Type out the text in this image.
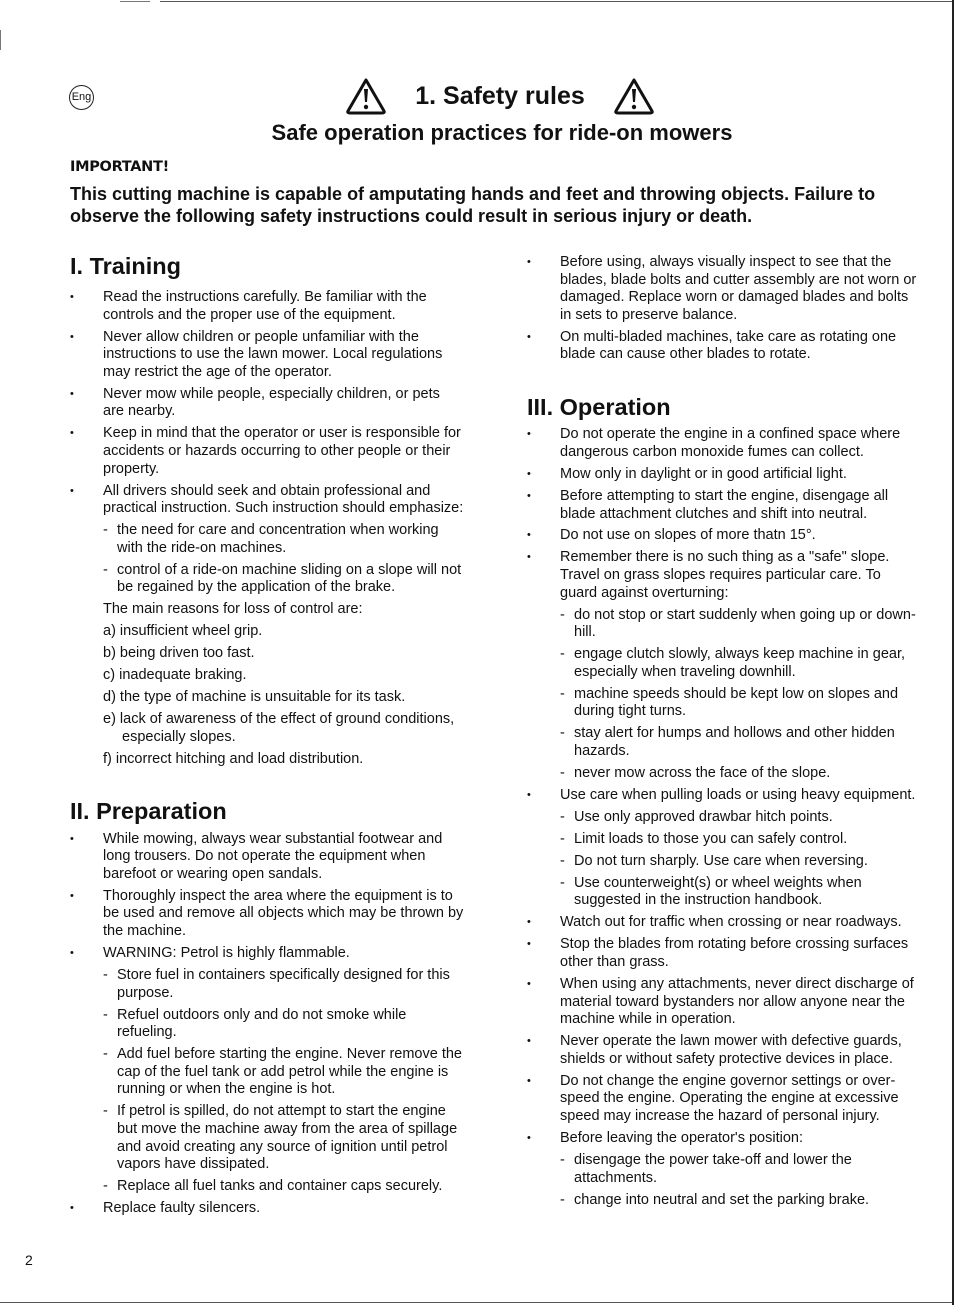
Eng	1. Safety rules
Safe operation practices for ride-on mowers
IMPORTANT!
This cutting machine is capable of amputating hands and feet and throwing objects. Failure to
observe the following safety instructions could result in serious injury or death.
I. Training
• Read the instructions carefully. Be familiar with the
controls and the proper use of the equipment.
• Never allow children or people unfamiliar with the
instructions to use the lawn mower. Local regulations
may restrict the age of the operator.
• Never mow while people, especially children, or pets
are nearby.
• Keep in mind that the operator or user is responsible for
accidents or hazards occurring to other people or their
property.
• All drivers should seek and obtain professional and
practical instruction. Such instruction should emphasize:
- the need for care and concentration when working
with the ride-on machines.
- control of a ride-on machine sliding on a slope will not
be regained by the application of the brake.
The main reasons for loss of control are:
a) insufficient wheel grip.
b) being driven too fast.
c) inadequate braking.
d) the type of machine is unsuitable for its task.
e) lack of awareness of the effect of ground conditions,
especially slopes.
f) incorrect hitching and load distribution.
II. Preparation
• While mowing, always wear substantial footwear and
long trousers. Do not operate the equipment when
barefoot or wearing open sandals.
• Thoroughly inspect the area where the equipment is to
be used and remove all objects which may be thrown by
the machine.
• WARNING: Petrol is highly flammable.
- Store fuel in containers specifically designed for this
purpose.
- Refuel outdoors only and do not smoke while
refueling.
- Add fuel before starting the engine. Never remove the
cap of the fuel tank or add petrol while the engine is
running or when the engine is hot.
- If petrol is spilled, do not attempt to start the engine
but move the machine away from the area of spillage
and avoid creating any source of ignition until petrol
vapors have dissipated.
- Replace all fuel tanks and container caps securely.
• Replace faulty silencers.
• Before using, always visually inspect to see that the
blades, blade bolts and cutter assembly are not worn or
damaged. Replace worn or damaged blades and bolts
in sets to preserve balance.
• On multi-bladed machines, take care as rotating one
blade can cause other blades to rotate.
III. Operation
• Do not operate the engine in a confined space where
dangerous carbon monoxide fumes can collect.
• Mow only in daylight or in good artificial light.
• Before attempting to start the engine, disengage all
blade attachment clutches and shift into neutral.
• Do not use on slopes of more thatn 15°.
• Remember there is no such thing as a "safe" slope.
Travel on grass slopes requires particular care. To
guard against overturning:
- do not stop or start suddenly when going up or down-
hill.
- engage clutch slowly, always keep machine in gear,
especially when traveling downhill.
- machine speeds should be kept low on slopes and
during tight turns.
- stay alert for humps and hollows and other hidden
hazards.
- never mow across the face of the slope.
• Use care when pulling loads or using heavy equipment.
- Use only approved drawbar hitch points.
- Limit loads to those you can safely control.
- Do not turn sharply. Use care when reversing.
- Use counterweight(s) or wheel weights when
suggested in the instruction handbook.
• Watch out for traffic when crossing or near roadways.
• Stop the blades from rotating before crossing surfaces
other than grass.
• When using any attachments, never direct discharge of
material toward bystanders nor allow anyone near the
machine while in operation.
• Never operate the lawn mower with defective guards,
shields or without safety protective devices in place.
• Do not change the engine governor settings or over-
speed the engine. Operating the engine at excessive
speed may increase the hazard of personal injury.
• Before leaving the operator's position:
- disengage the power take-off and lower the
attachments.
- change into neutral and set the parking brake.
2
